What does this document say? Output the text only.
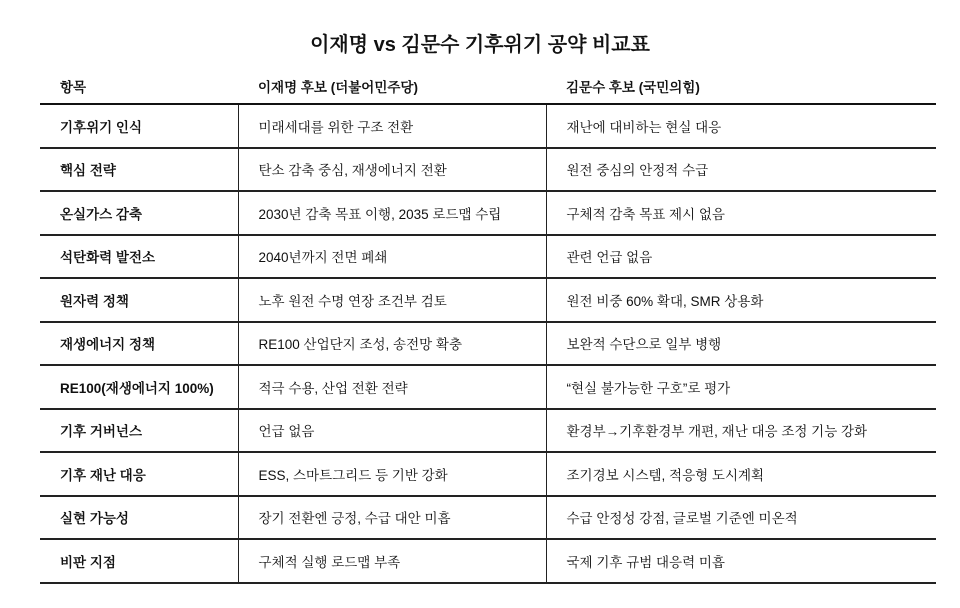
이재명 vs 김문수 기후위기 공약 비교표
항목	이재명 후보 (더불어민주당)	김문수 후보 (국민의힘)
기후위기 인식	미래세대를 위한 구조 전환	재난에 대비하는 현실 대응
핵심 전략	탄소 감축 중심, 재생에너지 전환	원전 중심의 안정적 수급
온실가스 감축	2030년 감축 목표 이행, 2035 로드맵 수립	구체적 감축 목표 제시 없음
석탄화력 발전소	2040년까지 전면 폐쇄	관련 언급 없음
원자력 정책	노후 원전 수명 연장 조건부 검토	원전 비중 60% 확대, SMR 상용화
재생에너지 정책	RE100 산업단지 조성, 송전망 확충	보완적 수단으로 일부 병행
RE100(재생에너지 100%)	적극 수용, 산업 전환 전략	“현실 불가능한 구호”로 평가
기후 거버넌스	언급 없음	환경부→기후환경부 개편, 재난 대응 조정 기능 강화
기후 재난 대응	ESS, 스마트그리드 등 기반 강화	조기경보 시스템, 적응형 도시계획
실현 가능성	장기 전환엔 긍정, 수급 대안 미흡	수급 안정성 강점, 글로벌 기준엔 미온적
비판 지점	구체적 실행 로드맵 부족	국제 기후 규범 대응력 미흡
